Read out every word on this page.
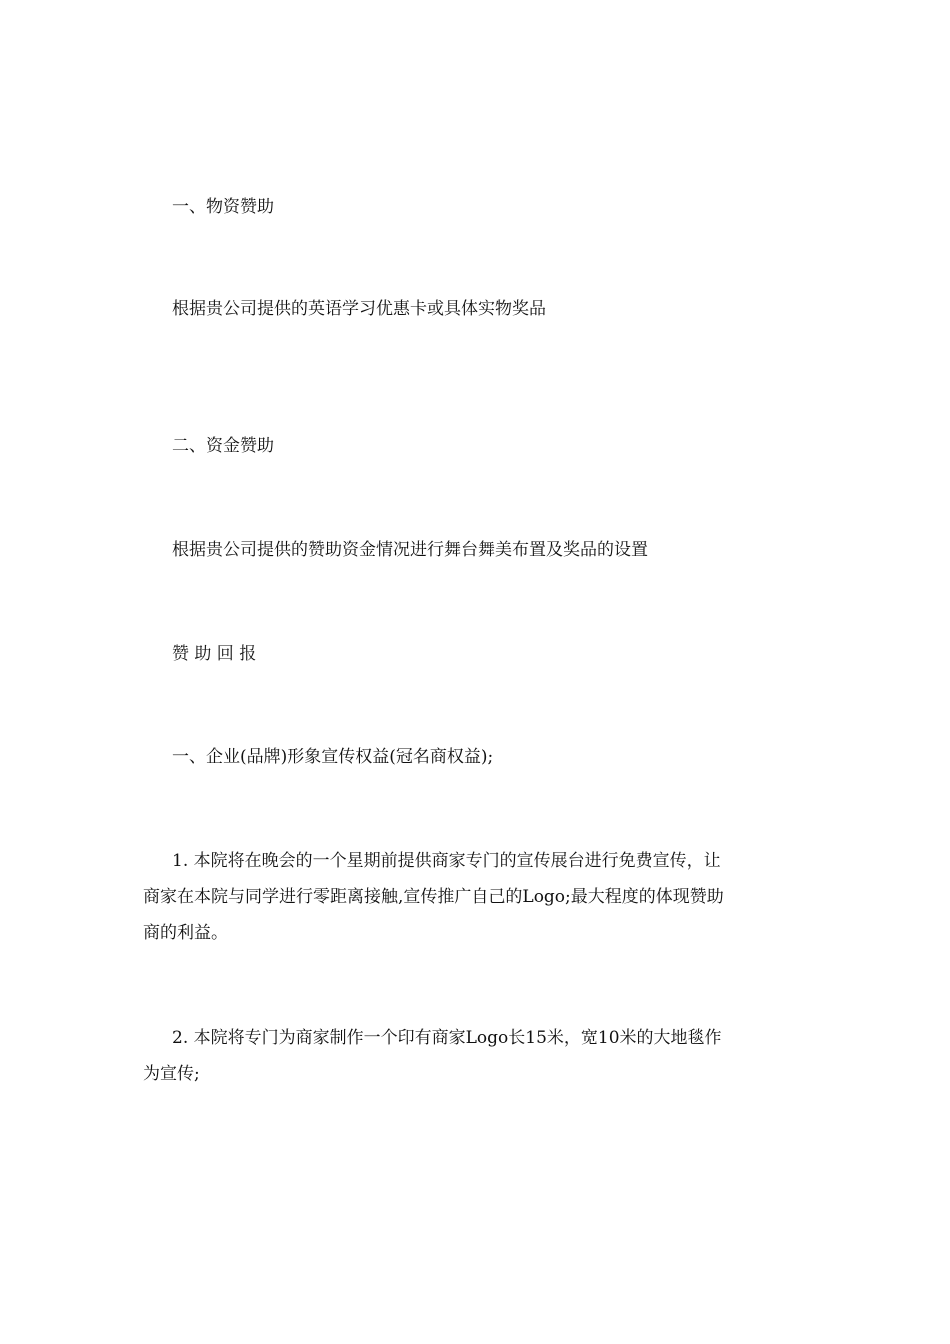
一、物资赞助
根据贵公司提供的英语学习优惠卡或具体实物奖品
二、资金赞助
根据贵公司提供的赞助资金情况进行舞台舞美布置及奖品的设置
赞 助 回 报
一、企业(品牌)形象宣传权益(冠名商权益);
1. 本院将在晚会的一个星期前提供商家专门的宣传展台进行免费宣传，让
商家在本院与同学进行零距离接触,宣传推广自己的Logo;最大程度的体现赞助
商的利益。
2. 本院将专门为商家制作一个印有商家Logo长15米，宽10米的大地毯作
为宣传;
